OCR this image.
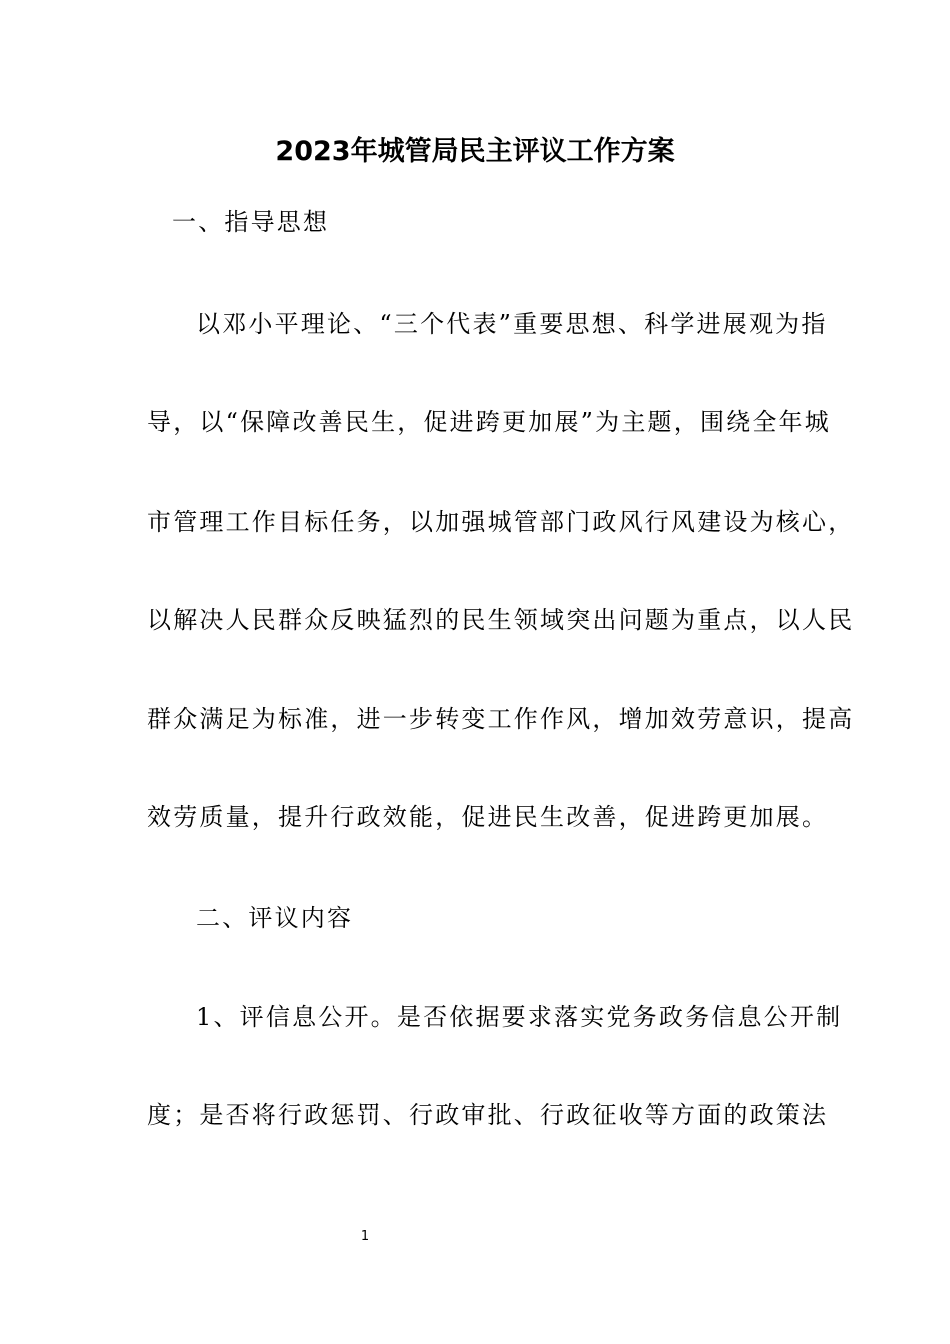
2023年城管局民主评议工作方案
一、指导思想
以邓小平理论、“三个代表”重要思想、科学进展观为指
导，以“保障改善民生，促进跨更加展”为主题，围绕全年城
市管理工作目标任务，以加强城管部门政风行风建设为核心，
以解决人民群众反映猛烈的民生领域突出问题为重点，以人民
群众满足为标准，进一步转变工作作风，增加效劳意识，提高
效劳质量，提升行政效能，促进民生改善，促进跨更加展。
二、评议内容
1、评信息公开。是否依据要求落实党务政务信息公开制
度；是否将行政惩罚、行政审批、行政征收等方面的政策法
1
